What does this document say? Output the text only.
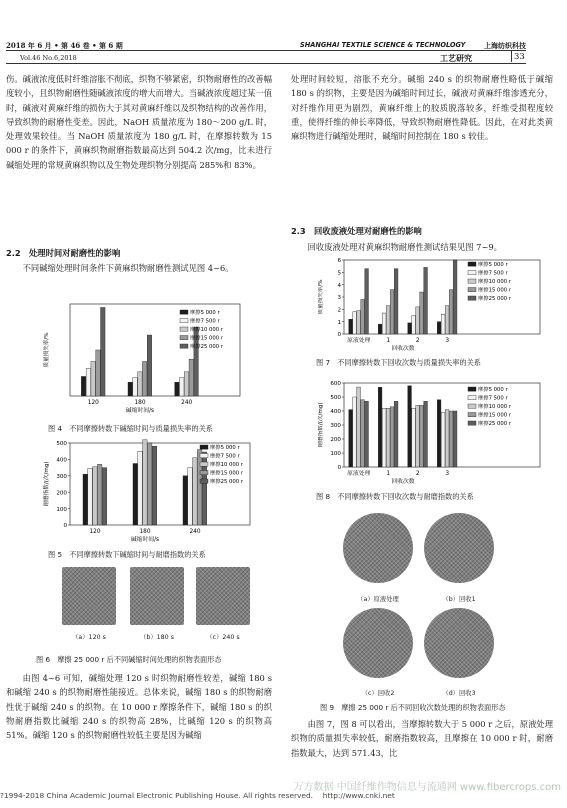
2018 年 6 月 • 第 46 卷 • 第 6 期
Vol.46 No.6,2018
SHANGHAI TEXTILE SCIENCE & TECHNOLOGY	上海纺织科技
工艺研究	33

伤。碱液浓度低时纤维溶胀不彻底，织物不够紧密，织物耐磨性的改善幅度较小，且织物耐磨性随碱液浓度的增大而增大。当碱液浓度超过某一值时，碱液对黄麻纤维的损伤大于其对黄麻纤维以及织物结构的改善作用，导致织物的耐磨性变差。因此，NaOH 质量浓度为 180～200 g/L 时，处理效果较佳。当 NaOH 质量浓度为 180 g/L 时，在摩擦转数为 15 000 r 的条件下，黄麻织物耐磨指数最高达到 504.2 次/mg，比未进行碱缩处理的常规黄麻织物以及生物处理织物分别提高 285%和 83%。

2.2　处理时间对耐磨性的影响

不同碱缩处理时间条件下黄麻织物耐磨性测试见图 4~6。

120	180	240
碱缩时间/s
质量损失率/%
摩擦5 000 r
摩擦7 500 r
摩擦10 000 r
摩擦15 000 r
摩擦25 000 r
图 4　不同摩擦转数下碱缩时间与质量损失率的关系
0
100
200
300
400
500
120	180	240
碱缩时间/s
耐磨指数/(次/mg)
摩擦5 000 r
摩擦7 500 r
摩擦10 000 r
摩擦15 000 r
摩擦25 000 r
图 5　不同摩擦转数下碱缩时间与耐磨指数的关系
（a）120 s	（b）180 s	（c）240 s
图 6　摩擦 25 000 r 后不同碱缩时间处理的织物表面形态

由图 4~6 可知，碱缩处理 120 s 时织物耐磨性较差，碱缩 180 s 和碱缩 240 s 的织物耐磨性能接近。总体来说，碱缩 180 s 的织物耐磨性优于碱缩 240 s 的织物。在 10 000 r 摩擦条件下，碱缩 180 s 的织物耐磨指数比碱缩 240 s 的织物高 28%，比碱缩 120 s 的织物高 51%。碱缩 120 s 的织物耐磨性较低主要是因为碱缩

处理时间较短，溶胀不充分。碱缩 240 s 的织物耐磨性略低于碱缩 180 s 的织物，主要是因为碱缩时间过长，碱液对黄麻纤维渗透充分，对纤维作用更为剧烈，黄麻纤维上的胶质脱落较多，纤维受损程度较重，使得纤维的伸长率降低，导致织物耐磨性降低。因此，在对此类黄麻织物进行碱缩处理时，碱缩时间控制在 180 s 较佳。

2.3　回收废液处理对耐磨性的影响

回收废液处理对黄麻织物耐磨性测试结果见图 7~9。

0
1
2
3
4
5
6
原液处理	1	2	3
回收次数
质量损失率/%
摩擦5 000 r
摩擦7 500 r
摩擦10 000 r
摩擦15 000 r
摩擦25 000 r
图 7　不同摩擦转数下回收次数与质量损失率的关系
0
100
200
300
400
500
600
原液处理	1	2	3
回收次数
耐磨指数/(次/mg)
摩擦5 000 r
摩擦7 500 r
摩擦10 000 r
摩擦15 000 r
摩擦25 000 r
图 8　不同摩擦转数下回收次数与耐磨指数的关系
（a）原液处理	（b）回收1
（c）回收2	（d）回收3
图 9　摩擦 25 000 r 后不同回收次数处理的织物表面形态

由图 7，图 8 可以看出，当摩擦转数大于 5 000 r 之后，原液处理织物的质量损失率较低，耐磨指数较高，且摩擦在 10 000 r 时，耐磨指数最大，达到 571.43，比

?1994-2018 China Academic Journal Electronic Publishing House. All rights reserved.　 http://www.cnki.net
万方数据 中国纤维作物信息与流通网 www.fibercrops.com
